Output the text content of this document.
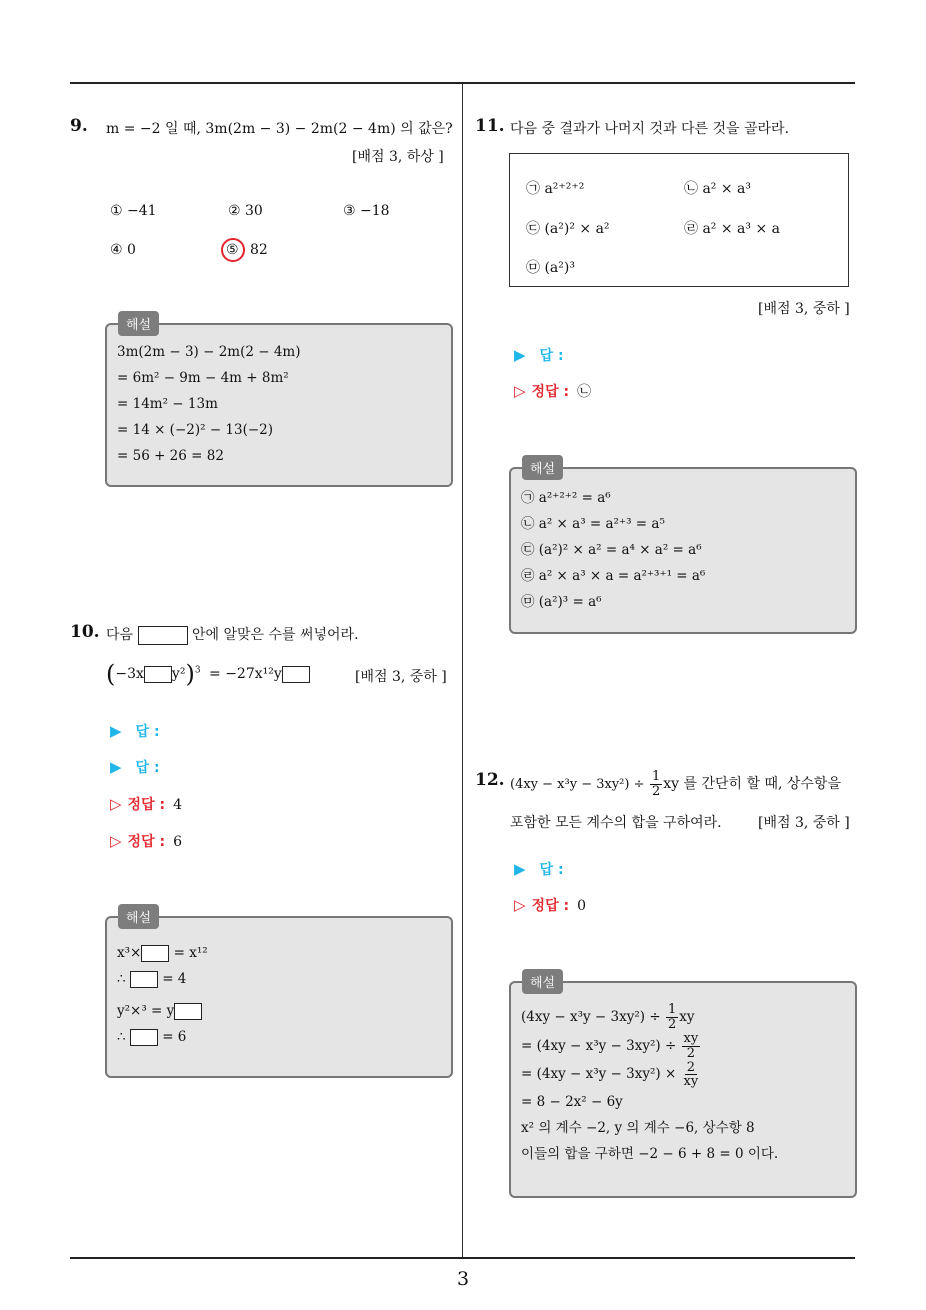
3
9. m = −2 일 때, 3m(2m − 3) − 2m(2 − 4m) 의 값은?
[배점 3, 하상 ]
① −41	② 30	③ −18
④ 0	⑤ 82
3m(2m − 3) − 2m(2 − 4m)
= 6m² − 9m − 4m + 8m²
= 14m² − 13m
= 14 × (−2)² − 13(−2)
= 56 + 26 = 82
해설
10. 다음	안에 알맞은 수를 써넣어라.
(−3x y²)$^3$ = −27x¹²y	[배점 3, 중하 ]
▶ 답 :
▶ 답 :
▷ 정답 : 4
▷ 정답 : 6
x³× = x¹²
∴	= 4
y²×³ = y
∴	= 6
해설
11. 다음 중 결과가 나머지 것과 다른 것을 골라라.
㉠ a²⁺²⁺²	㉡ a² × a³
㉢ (a²)² × a²	㉣ a² × a³ × a
㉤ (a²)³
[배점 3, 중하 ]
▶ 답 :
▷ 정답 : ㉡
㉠ a²⁺²⁺² = a⁶
㉡ a² × a³ = a²⁺³ = a⁵
㉢ (a²)² × a² = a⁴ × a² = a⁶
㉣ a² × a³ × a = a²⁺³⁺¹ = a⁶
㉤ (a²)³ = a⁶
해설
12. $(4xy - x^3y - 3xy^2) \div \frac{1}{2}$ xy 를 간단히 할 때, 상수항을
포함한 모든 계수의 합을 구하여라.	[배점 3, 중하 ]
▶ 답 :
▷ 정답 : 0
$(4xy - x^3y - 3xy^2) \div \frac{1}{2}$ xy
= $(4xy - x^3y - 3xy^2) \div \frac{xy}{2}$
= $(4xy - x^3y - 3xy^2) \times \frac{2}{xy}$
= 8 − 2x² − 6y
x² 의 계수 −2, y 의 계수 −6, 상수항 8
이들의 합을 구하면 −2 − 6 + 8 = 0 이다.
해설
